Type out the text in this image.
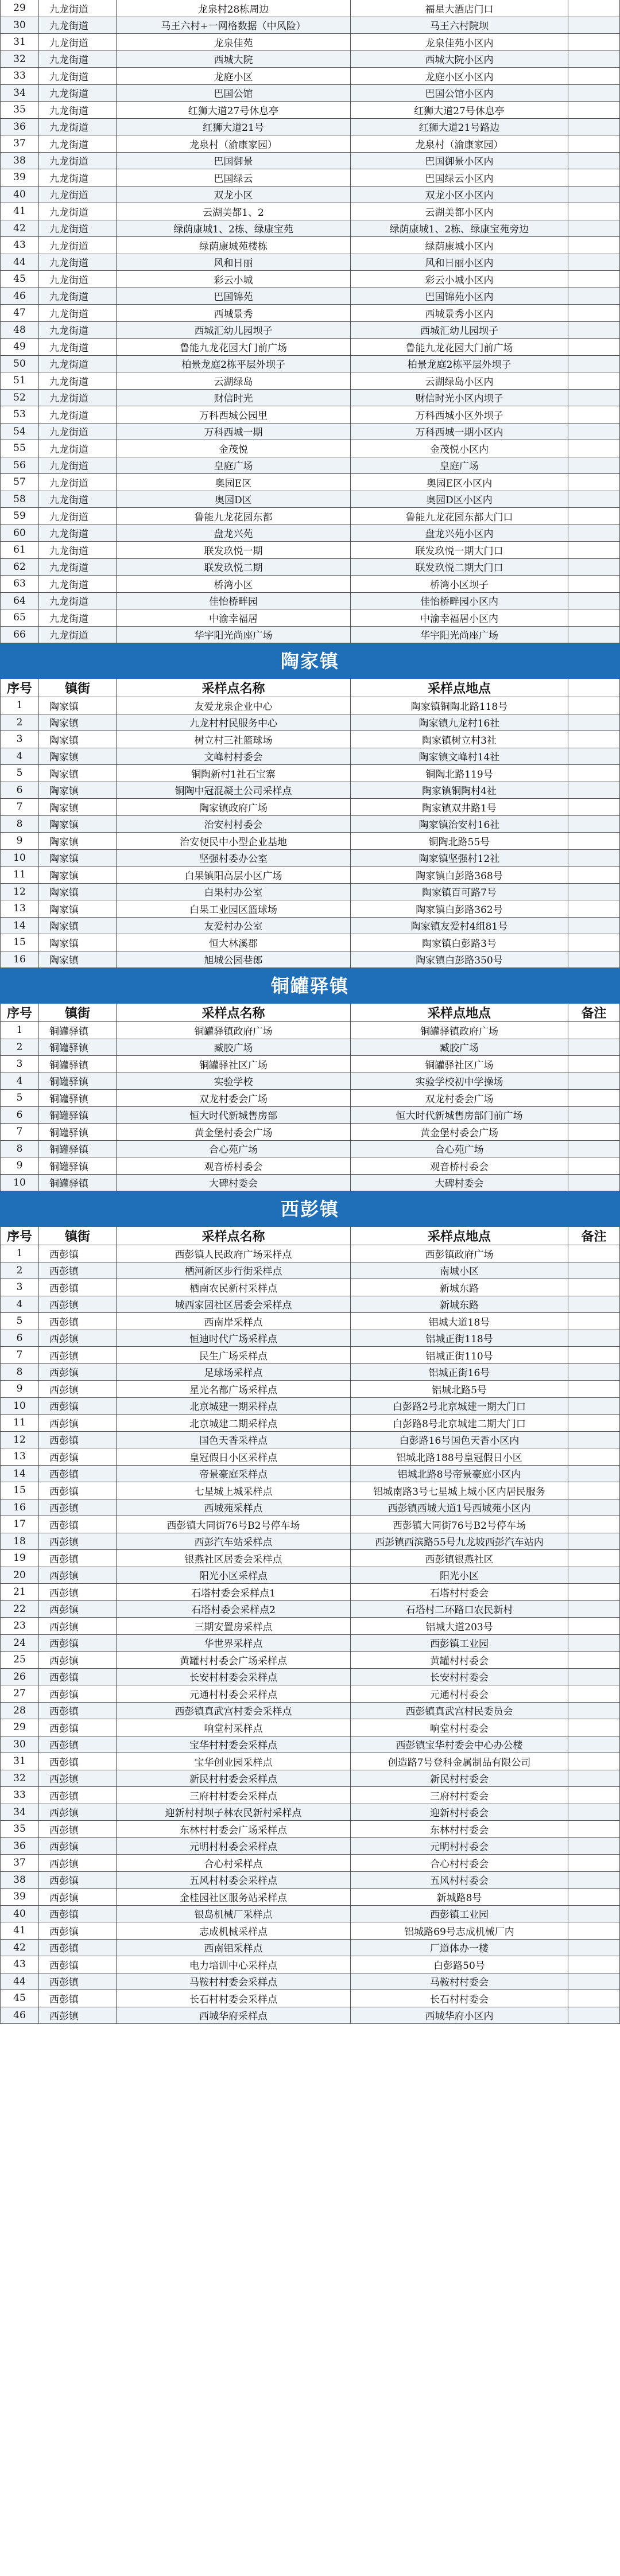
29	九龙街道	龙泉村28栋周边	福星大酒店门口
30	九龙街道	马王六村+一网格数据（中风险）	马王六村院坝
31	九龙街道	龙泉佳苑	龙泉佳苑小区内
32	九龙街道	西城大院	西城大院小区内
33	九龙街道	龙庭小区	龙庭小区小区内
34	九龙街道	巴国公馆	巴国公馆小区内
35	九龙街道	红狮大道27号休息亭	红狮大道27号休息亭
36	九龙街道	红狮大道21号	红狮大道21号路边
37	九龙街道	龙泉村（渝康家园）	龙泉村（渝康家园）
38	九龙街道	巴国御景	巴国御景小区内
39	九龙街道	巴国绿云	巴国绿云小区内
40	九龙街道	双龙小区	双龙小区小区内
41	九龙街道	云湖美都1、2	云湖美都小区内
42	九龙街道	绿荫康城1、2栋、绿康宝苑	绿荫康城1、2栋、绿康宝苑旁边
43	九龙街道	绿荫康城苑楼栋	绿荫康城小区内
44	九龙街道	风和日丽	风和日丽小区内
45	九龙街道	彩云小城	彩云小城小区内
46	九龙街道	巴国锦苑	巴国锦苑小区内
47	九龙街道	西城景秀	西城景秀小区内
48	九龙街道	西城汇幼儿园坝子	西城汇幼儿园坝子
49	九龙街道	鲁能九龙花园大门前广场	鲁能九龙花园大门前广场
50	九龙街道	柏景龙庭2栋平层外坝子	柏景龙庭2栋平层外坝子
51	九龙街道	云湖绿岛	云湖绿岛小区内
52	九龙街道	财信时光	财信时光小区内坝子
53	九龙街道	万科西城公园里	万科西城小区外坝子
54	九龙街道	万科西城一期	万科西城一期小区内
55	九龙街道	金茂悦	金茂悦小区内
56	九龙街道	皇庭广场	皇庭广场
57	九龙街道	奥园E区	奥园E区小区内
58	九龙街道	奥园D区	奥园D区小区内
59	九龙街道	鲁能九龙花园东都	鲁能九龙花园东都大门口
60	九龙街道	盘龙兴苑	盘龙兴苑小区内
61	九龙街道	联发玖悦一期	联发玖悦一期大门口
62	九龙街道	联发玖悦二期	联发玖悦二期大门口
63	九龙街道	桥湾小区	桥湾小区坝子
64	九龙街道	佳怡桥畔园	佳怡桥畔园小区内
65	九龙街道	中渝幸福居	中渝幸福居小区内
66	九龙街道	华宇阳光尚座广场	华宇阳光尚座广场
陶家镇
序号	镇街	采样点名称	采样点地点
1	陶家镇	友爱龙泉企业中心	陶家镇铜陶北路118号
2	陶家镇	九龙村村民服务中心	陶家镇九龙村16社
3	陶家镇	树立村三社篮球场	陶家镇树立村3社
4	陶家镇	文峰村村委会	陶家镇文峰村14社
5	陶家镇	铜陶新村1社石宝寨	铜陶北路119号
6	陶家镇	铜陶中冠混凝土公司采样点	陶家镇铜陶村4社
7	陶家镇	陶家镇政府广场	陶家镇双井路1号
8	陶家镇	治安村村委会	陶家镇治安村16社
9	陶家镇	治安便民中小型企业基地	铜陶北路55号
10	陶家镇	坚强村委办公室	陶家镇坚强村12社
11	陶家镇	白果镇阳高层小区广场	陶家镇白彭路368号
12	陶家镇	白果村办公室	陶家镇百可路7号
13	陶家镇	白果工业园区篮球场	陶家镇白彭路362号
14	陶家镇	友爱村办公室	陶家镇友爱村4组81号
15	陶家镇	恒大林溪郡	陶家镇白彭路3号
16	陶家镇	旭城公园巷郎	陶家镇白彭路350号
铜罐驿镇
序号	镇街	采样点名称	采样点地点	备注
1	铜罐驿镇	铜罐驿镇政府广场	铜罐驿镇政府广场
2	铜罐驿镇	臧胶广场	臧胶广场
3	铜罐驿镇	铜罐驿社区广场	铜罐驿社区广场
4	铜罐驿镇	实验学校	实验学校初中学操场
5	铜罐驿镇	双龙村委会广场	双龙村委会广场
6	铜罐驿镇	恒大时代新城售房部	恒大时代新城售房部门前广场
7	铜罐驿镇	黄金堡村委会广场	黄金堡村委会广场
8	铜罐驿镇	合心苑广场	合心苑广场
9	铜罐驿镇	观音桥村委会	观音桥村委会
10	铜罐驿镇	大碑村委会	大碑村委会
西彭镇
序号	镇街	采样点名称	采样点地点	备注
1	西彭镇	西彭镇人民政府广场采样点	西彭镇政府广场
2	西彭镇	栖河新区步行街采样点	南城小区
3	西彭镇	栖南农民新村采样点	新城东路
4	西彭镇	城西家园社区居委会采样点	新城东路
5	西彭镇	西南岸采样点	铝城大道18号
6	西彭镇	恒迪时代广场采样点	铝城正街118号
7	西彭镇	民生广场采样点	铝城正街110号
8	西彭镇	足球场采样点	铝城正街16号
9	西彭镇	星光名都广场采样点	铝城北路5号
10	西彭镇	北京城建一期采样点	白彭路2号北京城建一期大门口
11	西彭镇	北京城建二期采样点	白彭路8号北京城建二期大门口
12	西彭镇	国色天香采样点	白彭路16号国色天香小区内
13	西彭镇	皇冠假日小区采样点	铝城北路188号皇冠假日小区
14	西彭镇	帝景豪庭采样点	铝城北路8号帝景豪庭小区内
15	西彭镇	七星城上城采样点	铝城南路3号七星城上城小区内居民服务
16	西彭镇	西城苑采样点	西彭镇西城大道1号西城苑小区内
17	西彭镇	西彭镇大同街76号B2号停车场	西彭镇大同街76号B2号停车场
18	西彭镇	西彭汽车站采样点	西彭镇西滨路55号九龙坡西彭汽车站内
19	西彭镇	银燕社区居委会采样点	西彭镇银燕社区
20	西彭镇	阳光小区采样点	阳光小区
21	西彭镇	石塔村委会采样点1	石塔村村委会
22	西彭镇	石塔村委会采样点2	石塔村二环路口农民新村
23	西彭镇	三期安置房采样点	铝城大道203号
24	西彭镇	华世界采样点	西彭镇工业园
25	西彭镇	黄罐村村委会广场采样点	黄罐村村委会
26	西彭镇	长安村村委会采样点	长安村村委会
27	西彭镇	元通村村委会采样点	元通村村委会
28	西彭镇	西彭镇真武宫村委会采样点	西彭镇真武宫村民委员会
29	西彭镇	响堂村采样点	响堂村村委会
30	西彭镇	宝华村村委会采样点	西彭镇宝华村委会中心办公楼
31	西彭镇	宝华创业园采样点	创造路7号登科金属制品有限公司
32	西彭镇	新民村村委会采样点	新民村村委会
33	西彭镇	三府村村委会采样点	三府村村委会
34	西彭镇	迎新村村坝子林农民新村采样点	迎新村村委会
35	西彭镇	东林村村委会广场采样点	东林村村委会
36	西彭镇	元明村村委会采样点	元明村村委会
37	西彭镇	合心村采样点	合心村村委会
38	西彭镇	五风村村委会采样点	五风村村委会
39	西彭镇	金桂园社区服务站采样点	新城路8号
40	西彭镇	银岛机械厂采样点	西彭镇工业园
41	西彭镇	志成机械采样点	铝城路69号志成机械厂内
42	西彭镇	西南铝采样点	厂道体办一楼
43	西彭镇	电力培训中心采样点	白彭路50号
44	西彭镇	马鞍村村委会采样点	马鞍村村委会
45	西彭镇	长石村村委会采样点	长石村村委会
46	西彭镇	西城华府采样点	西城华府小区内
